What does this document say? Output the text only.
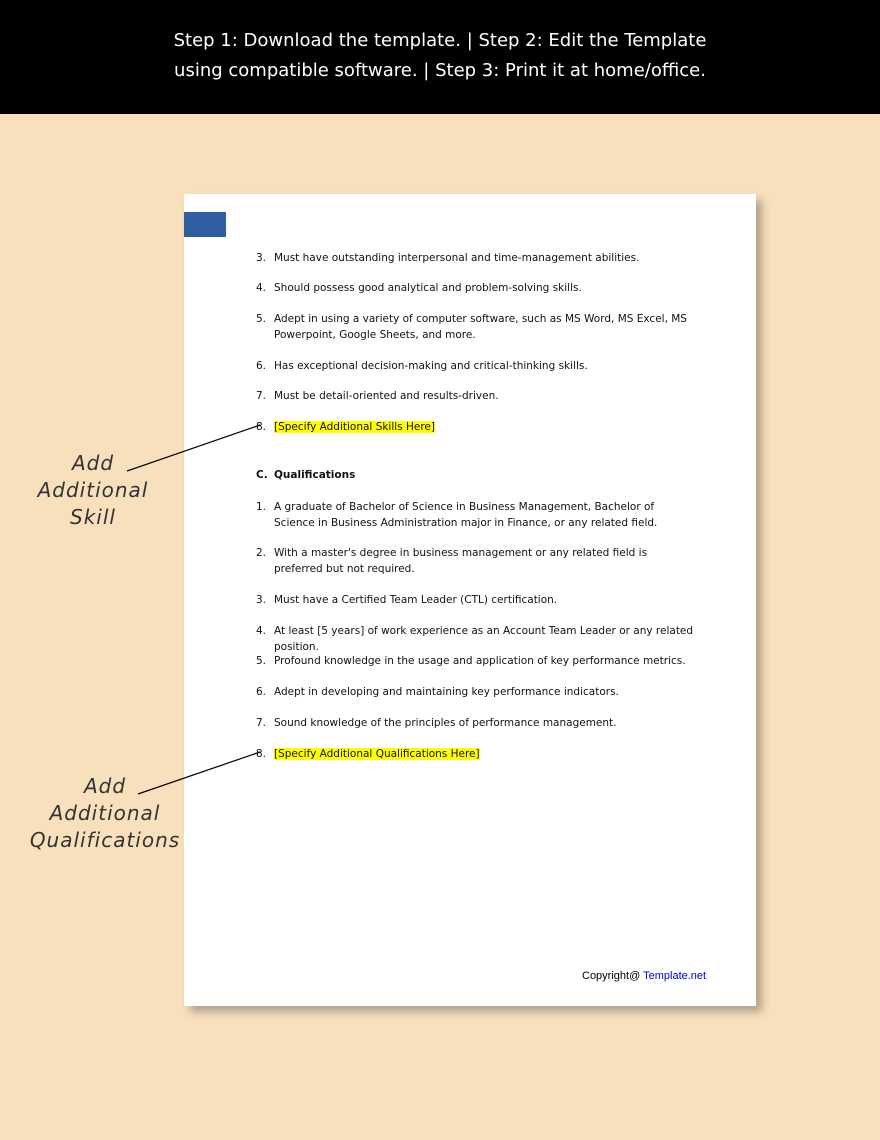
Step 1: Download the template. | Step 2: Edit the Template
using compatible software. | Step 3: Print it at home/office.
3. Must have outstanding interpersonal and time-management abilities.
4. Should possess good analytical and problem-solving skills.
5. Adept in using a variety of computer software, such as MS Word, MS Excel, MS Powerpoint, Google Sheets, and more.
6. Has exceptional decision-making and critical-thinking skills.
7. Must be detail-oriented and results-driven.
8. [Specify Additional Skills Here]
C. Qualifications
1. A graduate of Bachelor of Science in Business Management, Bachelor of Science in Business Administration major in Finance, or any related field.
2. With a master's degree in business management or any related field is preferred but not required.
3. Must have a Certified Team Leader (CTL) certification.
4. At least [5 years] of work experience as an Account Team Leader or any related position.
5. Profound knowledge in the usage and application of key performance metrics.
6. Adept in developing and maintaining key performance indicators.
7. Sound knowledge of the principles of performance management.
8. [Specify Additional Qualifications Here]
Copyright@ Template.net
Add
Additional
Skill
Add
Additional
Qualifications
